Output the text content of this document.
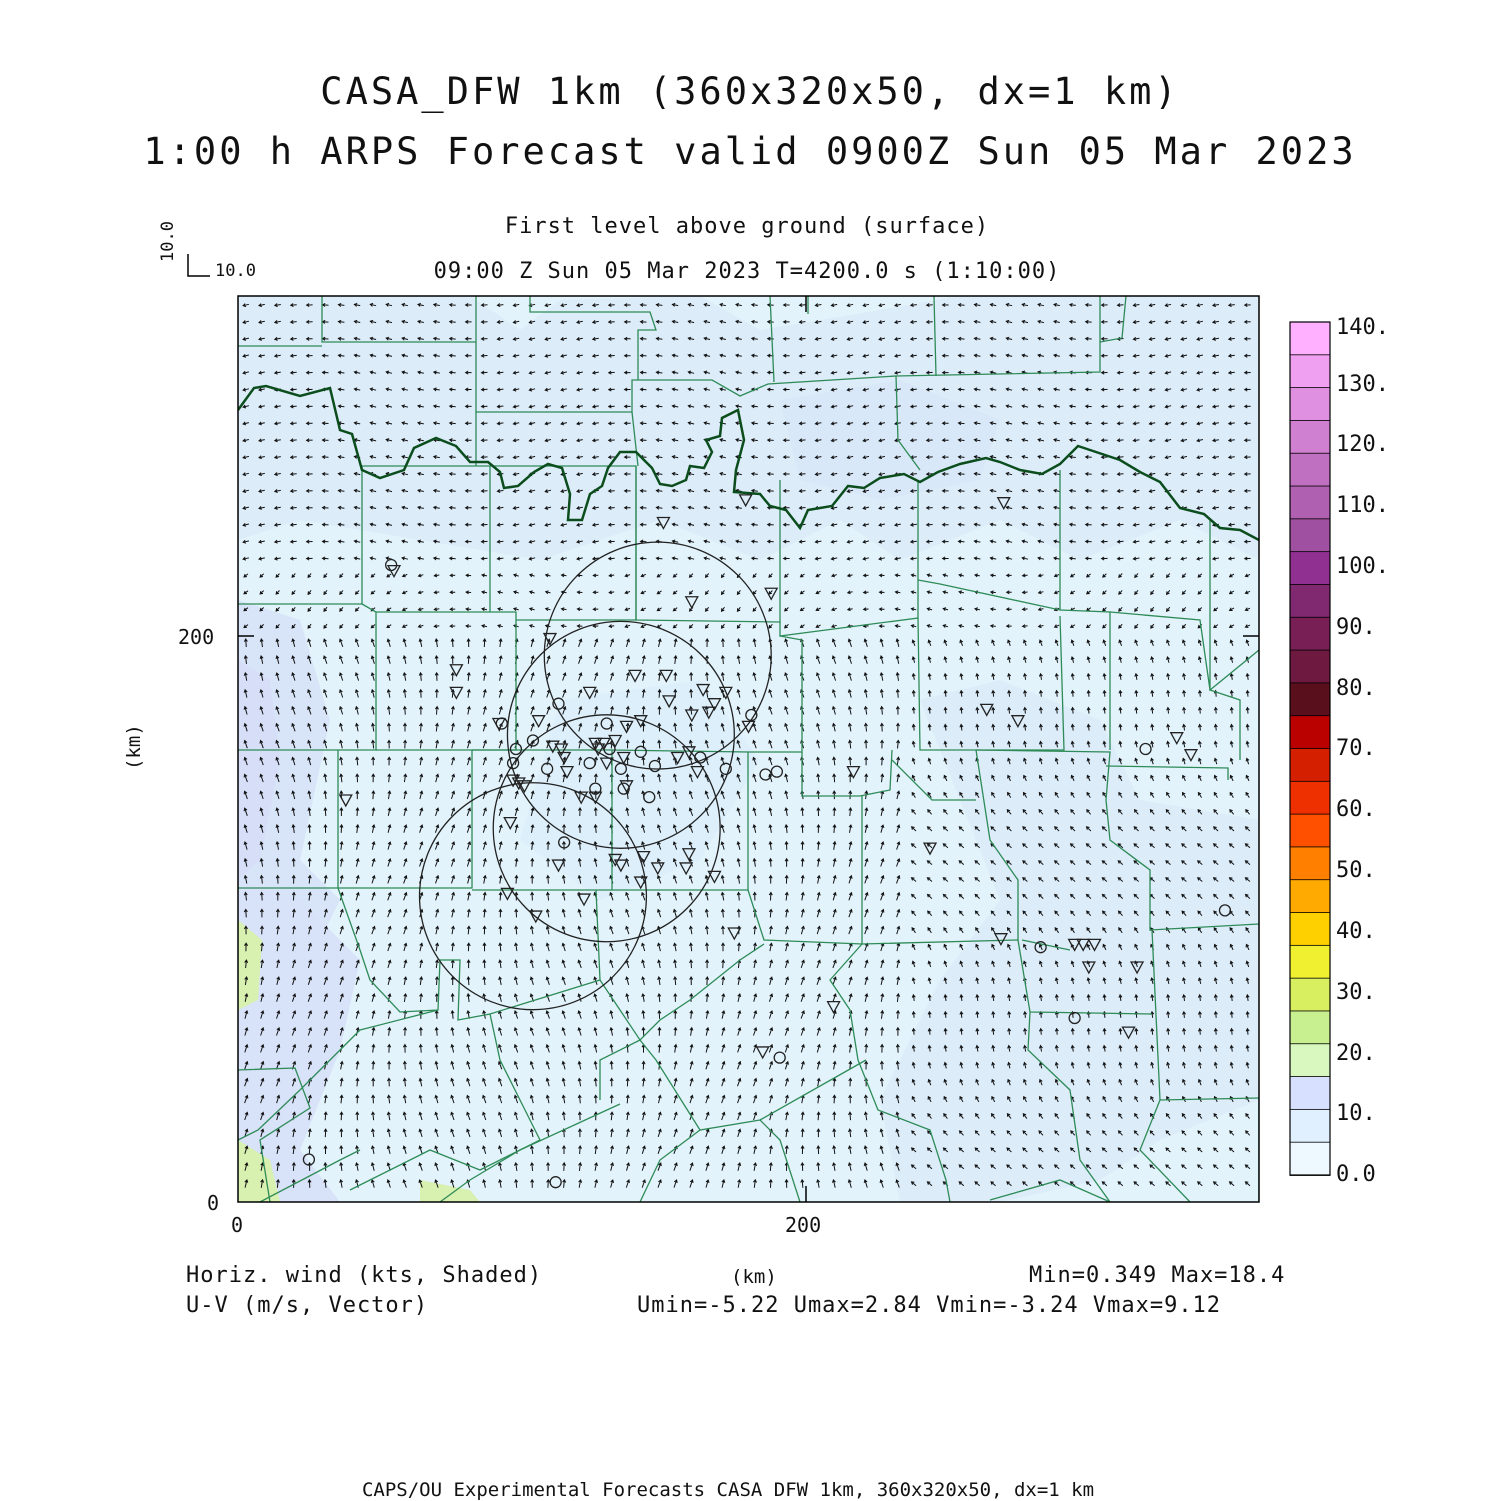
CASA_DFW 1km (360x320x50, dx=1 km)
1:00 h ARPS Forecast valid 0900Z Sun 05 Mar 2023
First level above ground (surface)
09:00 Z Sun 05 Mar 2023 T=4200.0 s (1:10:00)
10.0
10.0
200
0
0	200
(km)
(km)
140.
130.
120.
110.
100.
90.
80.
70.
60.
50.
40.
30.
20.
10.
0.0
Horiz. wind (kts, Shaded)
U-V (m/s, Vector)
Min=0.349 Max=18.4
Umin=-5.22 Umax=2.84 Vmin=-3.24 Vmax=9.12
CAPS/OU Experimental Forecasts CASA DFW 1km, 360x320x50, dx=1 km
